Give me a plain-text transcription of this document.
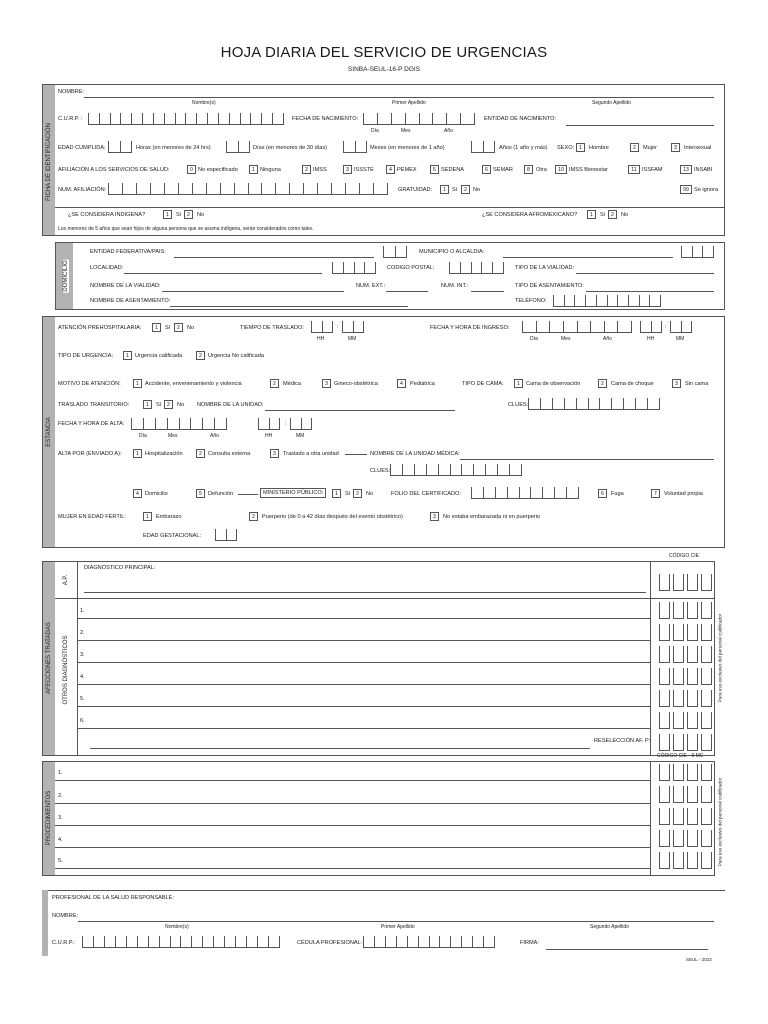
HOJA DIARIA DEL SERVICIO DE URGENCIAS
SINBA-SEUL-16-P DGIS
FICHA DE IDENTIFICACIÓN
NOMBRE:
Nombre(s)	Primer Apellido	Segundo Apellido
C.U.R.P. :	FECHA DE NACIMIENTO:
Día	Mes	Año
ENTIDAD DE NACIMIENTO:
EDAD CUMPLIDA:	Horas (en menores de 24 hrs)	Días (en menores de 30 días)	Meses (en menores de 1 año)	Años (1 año y más) SEXO: 1	Hombre	2	Mujer	3	Intersexual
AFILIACIÓN A LOS SERVICIOS DE SALUD:	0 No especificado	1 Ninguna	2 IMSS	3 ISSSTE	4 PEMEX	5 SEDENA	6 SEMAR	8	Otra	10 IMSS Bienestar	11 ISSFAM	13 INSABI
NUM. AFILIACIÓN:	GRATUIDAD:	1	Sí	2	No	99 Se ignora
¿SE CONSIDERA INDIGENA?	1	Sí	2	No	¿SE CONSIDERA AFROMEXICANO?	1	Sí	2	No
Los menores de 5 años que sean hijos de alguna persona que se asuma indígena, serán considerados como tales.
DOMICILIO
ENTIDAD FEDERATIVA/PAIS:	MUNICIPIO O ALCALDIA:
LOCALIDAD:	CODIGO POSTAL:	TIPO DE LA VIALIDAD:
NOMBRE DE LA VIALIDAD:	NUM. EXT.:	NUM. INT.:	TIPO DE ASENTAMIENTO:
NOMBRE DE ASENTAMIENTO:	TELÉFONO:
ESTANCIA
ATENCIÓN PREHOSPITALARIA:	1	Sí	2	No	TIEMPO DE TRASLADO:	:
HH	MM
FECHA Y HORA DE INGRESO:	:
Día	Mes	Año	HH	MM
TIPO DE URGENCIA:	1	Urgencia calificada	2	Urgencia No calificada
MOTIVO DE ATENCIÓN:	1	Accidente, envenenamiento y violencia	2	Médica	3	Gineco-obstétrica	4	Pediátrica	TIPO DE CAMA:	1	Cama de observación	2	Cama de choque	3	Sin cama
TRASLADO TRANSITORIO:	1	Sí	2	No NOMBRE DE LA UNIDAD:	CLUES:
FECHA Y HORA DE ALTA:	:
Día	Mes	Año	HH	MM
ALTA POR (ENVIADO A):	1	Hospitalización	2	Consulta externa	3	Traslado a otra unidad	NOMBRE DE LA UNIDAD MÉDICA:
CLUES:
4	Domicilio	5	Defunción	MINISTERIO PÚBLICO:	1	Sí	2	No	FOLIO DEL CERTIFICADO:	6	Fuga	7	Voluntad propia
MUJER EN EDAD FÉRTIL:	1	Embarazo	2	Puerperio (de 0 a 42 días después del evento obstétrico)	3	No estaba embarazada ni en puerperio
EDAD GESTACIONAL:
CÓDIGO CIE
AFECCIONES TRATADAS
A.P.
OTROS DIAGNÓSTICOS
DIAGNÓSTICO PRINCIPAL:
1.
2.
3.
4.
5.
6.
RESELECCIÓN AF. P:
Para uso exclusivo del personal codificador
CÓDIGO CIE - 9 MC
PROCEDIMIENTOS
1.
2.
3.
4.
5.	Para uso exclusivo del personal codificador
PROFESIONAL DE LA SALUD RESPONSABLE:
NOMBRE:
Nombre(s)	Primer Apellido	Segundo Apellido
C.U.R.P.:	CÉDULA PROFESIONAL:	FIRMA:
SEUL - 2023
